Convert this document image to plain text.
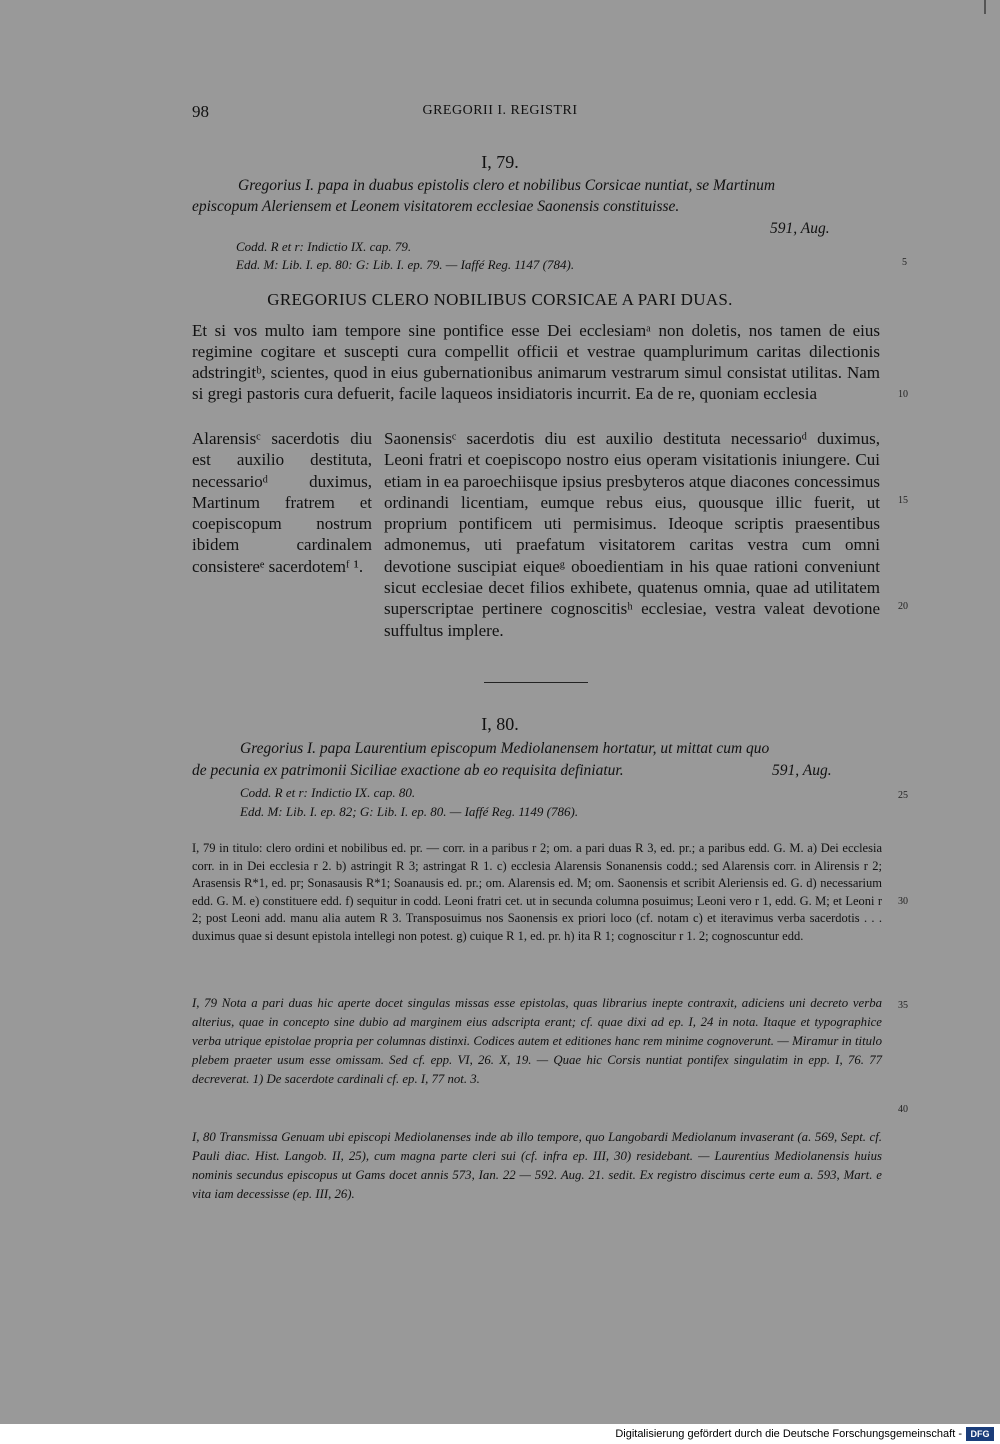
98	GREGORII I. REGISTRI
5
10
15
20
25
30
35
40
I, 79.
Gregorius I. papa in duabus epistolis clero et nobilibus Corsicae nuntiat, se Martinum
episcopum Aleriensem et Leonem visitatorem ecclesiae Saonensis constituisse.
591, Aug.
Codd. R et r: Indictio IX. cap. 79.
Edd. M: Lib. I. ep. 80: G: Lib. I. ep. 79. — Iaffé Reg. 1147 (784).
GREGORIUS CLERO NOBILIBUS CORSICAE A PARI DUAS.

Et si vos multo iam tempore sine pontifice esse Dei ecclesiamᵃ non doletis, nos tamen de eius regimine cogitare et suscepti cura compellit officii et vestrae quamplurimum caritas dilectionis adstringitᵇ, scientes, quod in eius gubernationibus animarum vestrarum simul consistat utilitas. Nam si gregi pastoris cura defuerit, facile laqueos insidiatoris incurrit. Ea de re, quoniam ecclesia

Alarensisᶜ sacerdotis diu est auxilio destituta, necessarioᵈ duximus, Martinum fratrem et coepiscopum nostrum ibidem cardinalem consistereᵉ sacerdotemᶠ ¹.
Saonensisᶜ sacerdotis diu est auxilio destituta necessarioᵈ duximus, Leoni fratri et coepiscopo nostro eius operam visitationis iniungere. Cui etiam in ea paroechiisque ipsius presbyteros atque diacones concessimus ordinandi licentiam, eumque rebus eius, quousque illic fuerit, ut proprium pontificem uti permisimus. Ideoque scriptis praesentibus admonemus, uti praefatum visitatorem caritas vestra cum omni devotione suscipiat eiqueᵍ oboedientiam in his quae rationi conveniunt sicut ecclesiae decet filios exhibete, quatenus omnia, quae ad utilitatem superscriptae pertinere cognoscitisʰ ecclesiae, vestra valeat devotione suffultus implere.
I, 80.
Gregorius I. papa Laurentium episcopum Mediolanensem hortatur, ut mittat cum quo
de pecunia ex patrimonii Siciliae exactione ab eo requisita definiatur.	591, Aug.
Codd. R et r: Indictio IX. cap. 80.
Edd. M: Lib. I. ep. 82; G: Lib. I. ep. 80. — Iaffé Reg. 1149 (786).

I, 79 in titulo: clero ordini et nobilibus ed. pr. — corr. in a paribus r 2; om. a pari duas R 3, ed. pr.; a paribus edd. G. M. a) Dei ecclesia corr. in in Dei ecclesia r 2. b) astringit R 3; astringat R 1. c) ecclesia Alarensis Sonanensis codd.; sed Alarensis corr. in Alirensis r 2; Arasensis R*1, ed. pr; Sonasausis R*1; Soanausis ed. pr.; om. Alarensis ed. M; om. Saonensis et scribit Aleriensis ed. G. d) necessarium edd. G. M. e) constituere edd. f) sequitur in codd. Leoni fratri cet. ut in secunda columna posuimus; Leoni vero r 1, edd. G. M; et Leoni r 2; post Leoni add. manu alia autem R 3. Transposuimus nos Saonensis ex priori loco (cf. notam c) et iteravimus verba sacerdotis . . . duximus quae si desunt epistola intellegi non potest. g) cuique R 1, ed. pr. h) ita R 1; cognoscitur r 1. 2; cognoscuntur edd.

I, 79 Nota a pari duas hic aperte docet singulas missas esse epistolas, quas librarius inepte contraxit, adiciens uni decreto verba alterius, quae in concepto sine dubio ad marginem eius adscripta erant; cf. quae dixi ad ep. I, 24 in nota. Itaque et typographice verba utrique epistolae propria per columnas distinxi. Codices autem et editiones hanc rem minime cognoverunt. — Miramur in titulo plebem praeter usum esse omissam. Sed cf. epp. VI, 26. X, 19. — Quae hic Corsis nuntiat pontifex singulatim in epp. I, 76. 77 decreverat. 1) De sacerdote cardinali cf. ep. I, 77 not. 3.

I, 80 Transmissa Genuam ubi episcopi Mediolanenses inde ab illo tempore, quo Langobardi Mediolanum invaserant (a. 569, Sept. cf. Pauli diac. Hist. Langob. II, 25), cum magna parte cleri sui (cf. infra ep. III, 30) residebant. — Laurentius Mediolanensis huius nominis secundus episcopus ut Gams docet annis 573, Ian. 22 — 592. Aug. 21. sedit. Ex registro discimus certe eum a. 593, Mart. e vita iam decessisse (ep. III, 26).

Digitalisierung gefördert durch die Deutsche Forschungsgemeinschaft - DFG
